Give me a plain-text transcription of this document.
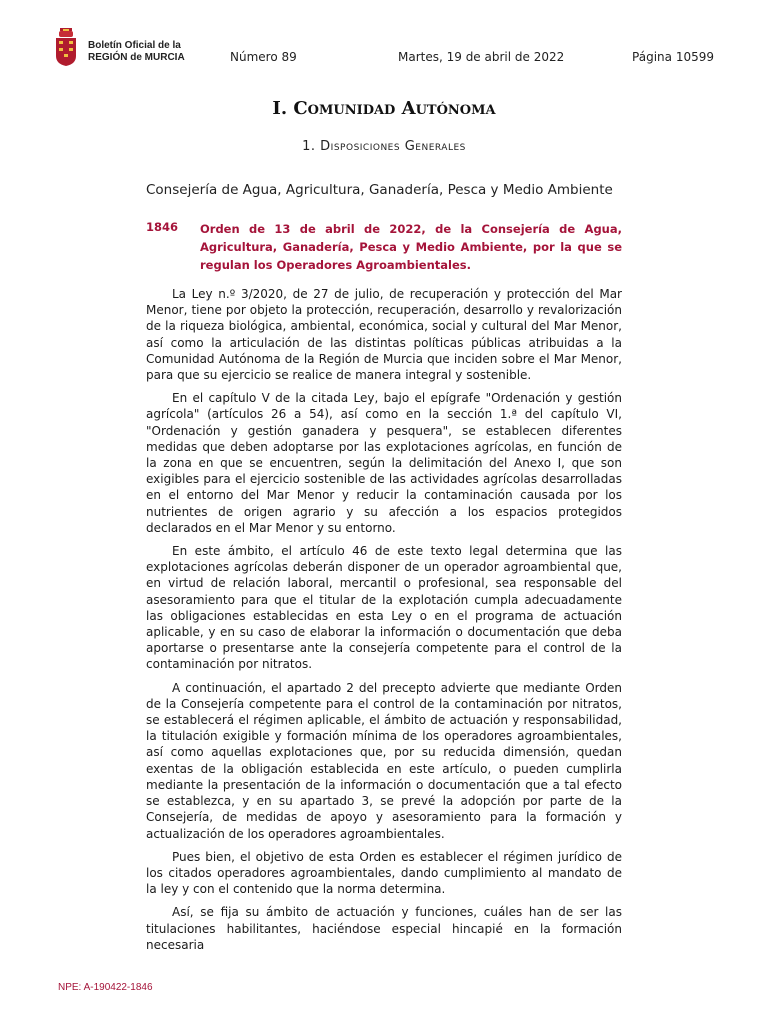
Boletín Oficial de la
REGIÓN de MURCIA	Número 89	Martes, 19 de abril de 2022	Página 10599
I. Comunidad Autónoma
1. Disposiciones Generales
Consejería de Agua, Agricultura, Ganadería, Pesca y Medio Ambiente
1846 Orden de 13 de abril de 2022, de la Consejería de Agua, Agricultura, Ganadería, Pesca y Medio Ambiente, por la que se regulan los Operadores Agroambientales.

La Ley n.º 3/2020, de 27 de julio, de recuperación y protección del Mar Menor, tiene por objeto la protección, recuperación, desarrollo y revalorización de la riqueza biológica, ambiental, económica, social y cultural del Mar Menor, así como la articulación de las distintas políticas públicas atribuidas a la Comunidad Autónoma de la Región de Murcia que inciden sobre el Mar Menor, para que su ejercicio se realice de manera integral y sostenible.

En el capítulo V de la citada Ley, bajo el epígrafe "Ordenación y gestión agrícola" (artículos 26 a 54), así como en la sección 1.ª del capítulo VI, "Ordenación y gestión ganadera y pesquera", se establecen diferentes medidas que deben adoptarse por las explotaciones agrícolas, en función de la zona en que se encuentren, según la delimitación del Anexo I, que son exigibles para el ejercicio sostenible de las actividades agrícolas desarrolladas en el entorno del Mar Menor y reducir la contaminación causada por los nutrientes de origen agrario y su afección a los espacios protegidos declarados en el Mar Menor y su entorno.

En este ámbito, el artículo 46 de este texto legal determina que las explotaciones agrícolas deberán disponer de un operador agroambiental que, en virtud de relación laboral, mercantil o profesional, sea responsable del asesoramiento para que el titular de la explotación cumpla adecuadamente las obligaciones establecidas en esta Ley o en el programa de actuación aplicable, y en su caso de elaborar la información o documentación que deba aportarse o presentarse ante la consejería competente para el control de la contaminación por nitratos.

A continuación, el apartado 2 del precepto advierte que mediante Orden de la Consejería competente para el control de la contaminación por nitratos, se establecerá el régimen aplicable, el ámbito de actuación y responsabilidad, la titulación exigible y formación mínima de los operadores agroambientales, así como aquellas explotaciones que, por su reducida dimensión, quedan exentas de la obligación establecida en este artículo, o pueden cumplirla mediante la presentación de la información o documentación que a tal efecto se establezca, y en su apartado 3, se prevé la adopción por parte de la Consejería, de medidas de apoyo y asesoramiento para la formación y actualización de los operadores agroambientales.

Pues bien, el objetivo de esta Orden es establecer el régimen jurídico de los citados operadores agroambientales, dando cumplimiento al mandato de la ley y con el contenido que la norma determina.

Así, se fija su ámbito de actuación y funciones, cuáles han de ser las titulaciones habilitantes, haciéndose especial hincapié en la formación necesaria

NPE: A-190422-1846
